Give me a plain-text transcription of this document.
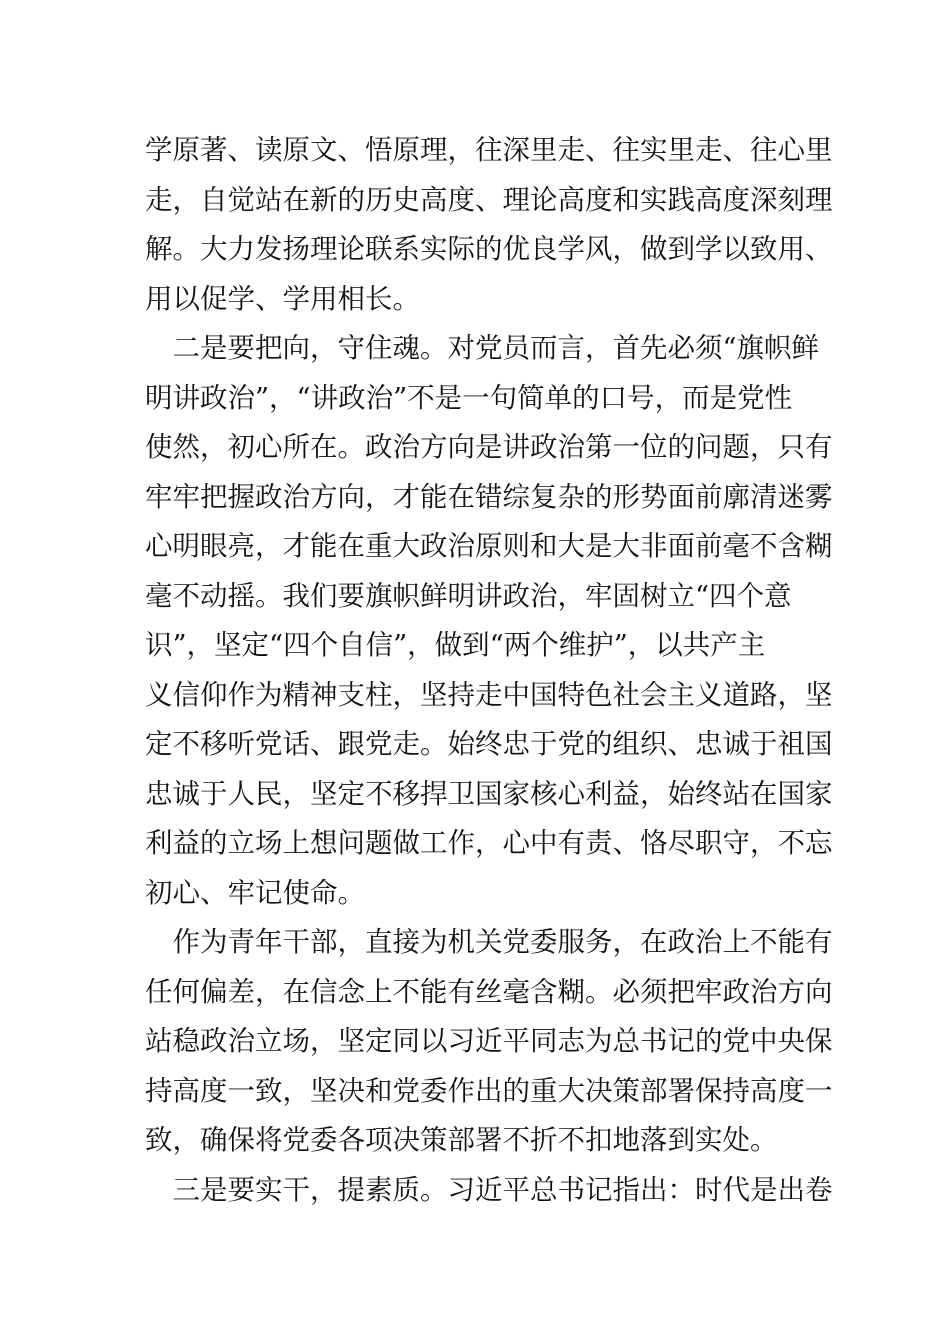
学原著、读原文、悟原理，往深里走、往实里走、往心里
走，自觉站在新的历史高度、理论高度和实践高度深刻理
解。大力发扬理论联系实际的优良学风，做到学以致用、
用以促学、学用相长。
　二是要把向，守住魂。对党员而言，首先必须“旗帜鲜
明讲政治”，“讲政治”不是一句简单的口号，而是党性
使然，初心所在。政治方向是讲政治第一位的问题，只有
牢牢把握政治方向，才能在错综复杂的形势面前廓清迷雾
心明眼亮，才能在重大政治原则和大是大非面前毫不含糊
毫不动摇。我们要旗帜鲜明讲政治，牢固树立“四个意
识”，坚定“四个自信”，做到“两个维护”，以共产主
义信仰作为精神支柱，坚持走中国特色社会主义道路，坚
定不移听党话、跟党走。始终忠于党的组织、忠诚于祖国
忠诚于人民，坚定不移捍卫国家核心利益，始终站在国家
利益的立场上想问题做工作，心中有责、恪尽职守，不忘
初心、牢记使命。
　作为青年干部，直接为机关党委服务，在政治上不能有
任何偏差，在信念上不能有丝毫含糊。必须把牢政治方向
站稳政治立场，坚定同以习近平同志为总书记的党中央保
持高度一致，坚决和党委作出的重大决策部署保持高度一
致，确保将党委各项决策部署不折不扣地落到实处。
　三是要实干，提素质。习近平总书记指出：时代是出卷
